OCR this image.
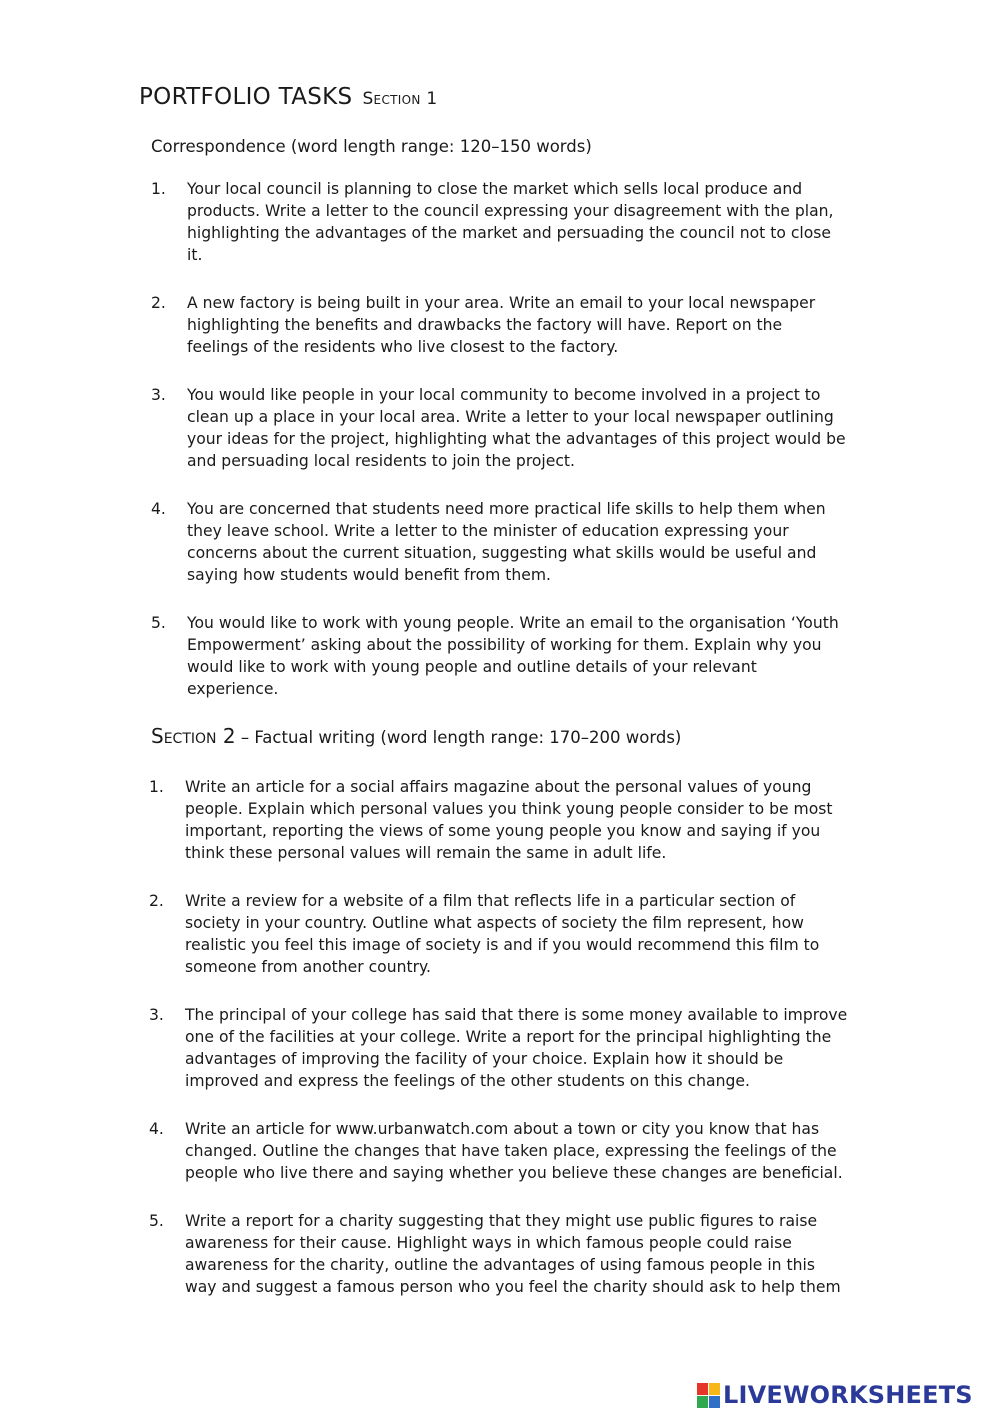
PORTFOLIO TASKS Section 1
Correspondence (word length range: 120–150 words)
1. Your local council is planning to close the market which sells local produce and products. Write a letter to the council expressing your disagreement with the plan, highlighting the advantages of the market and persuading the council not to close it.
2. A new factory is being built in your area. Write an email to your local newspaper highlighting the benefits and drawbacks the factory will have. Report on the feelings of the residents who live closest to the factory.
3. You would like people in your local community to become involved in a project to clean up a place in your local area. Write a letter to your local newspaper outlining your ideas for the project, highlighting what the advantages of this project would be and persuading local residents to join the project.
4. You are concerned that students need more practical life skills to help them when they leave school. Write a letter to the minister of education expressing your concerns about the current situation, suggesting what skills would be useful and saying how students would benefit from them.
5. You would like to work with young people. Write an email to the organisation ‘Youth Empowerment’ asking about the possibility of working for them. Explain why you would like to work with young people and outline details of your relevant experience.
Section 2 – Factual writing (word length range: 170–200 words)
1. Write an article for a social affairs magazine about the personal values of young people. Explain which personal values you think young people consider to be most important, reporting the views of some young people you know and saying if you think these personal values will remain the same in adult life.
2. Write a review for a website of a film that reflects life in a particular section of society in your country. Outline what aspects of society the film represent, how realistic you feel this image of society is and if you would recommend this film to someone from another country.
3. The principal of your college has said that there is some money available to improve one of the facilities at your college. Write a report for the principal highlighting the advantages of improving the facility of your choice. Explain how it should be improved and express the feelings of the other students on this change.
4. Write an article for www.urbanwatch.com about a town or city you know that has changed. Outline the changes that have taken place, expressing the feelings of the people who live there and saying whether you believe these changes are beneficial.
5. Write a report for a charity suggesting that they might use public figures to raise awareness for their cause. Highlight ways in which famous people could raise awareness for the charity, outline the advantages of using famous people in this way and suggest a famous person who you feel the charity should ask to help them
LIVEWORKSHEETS
